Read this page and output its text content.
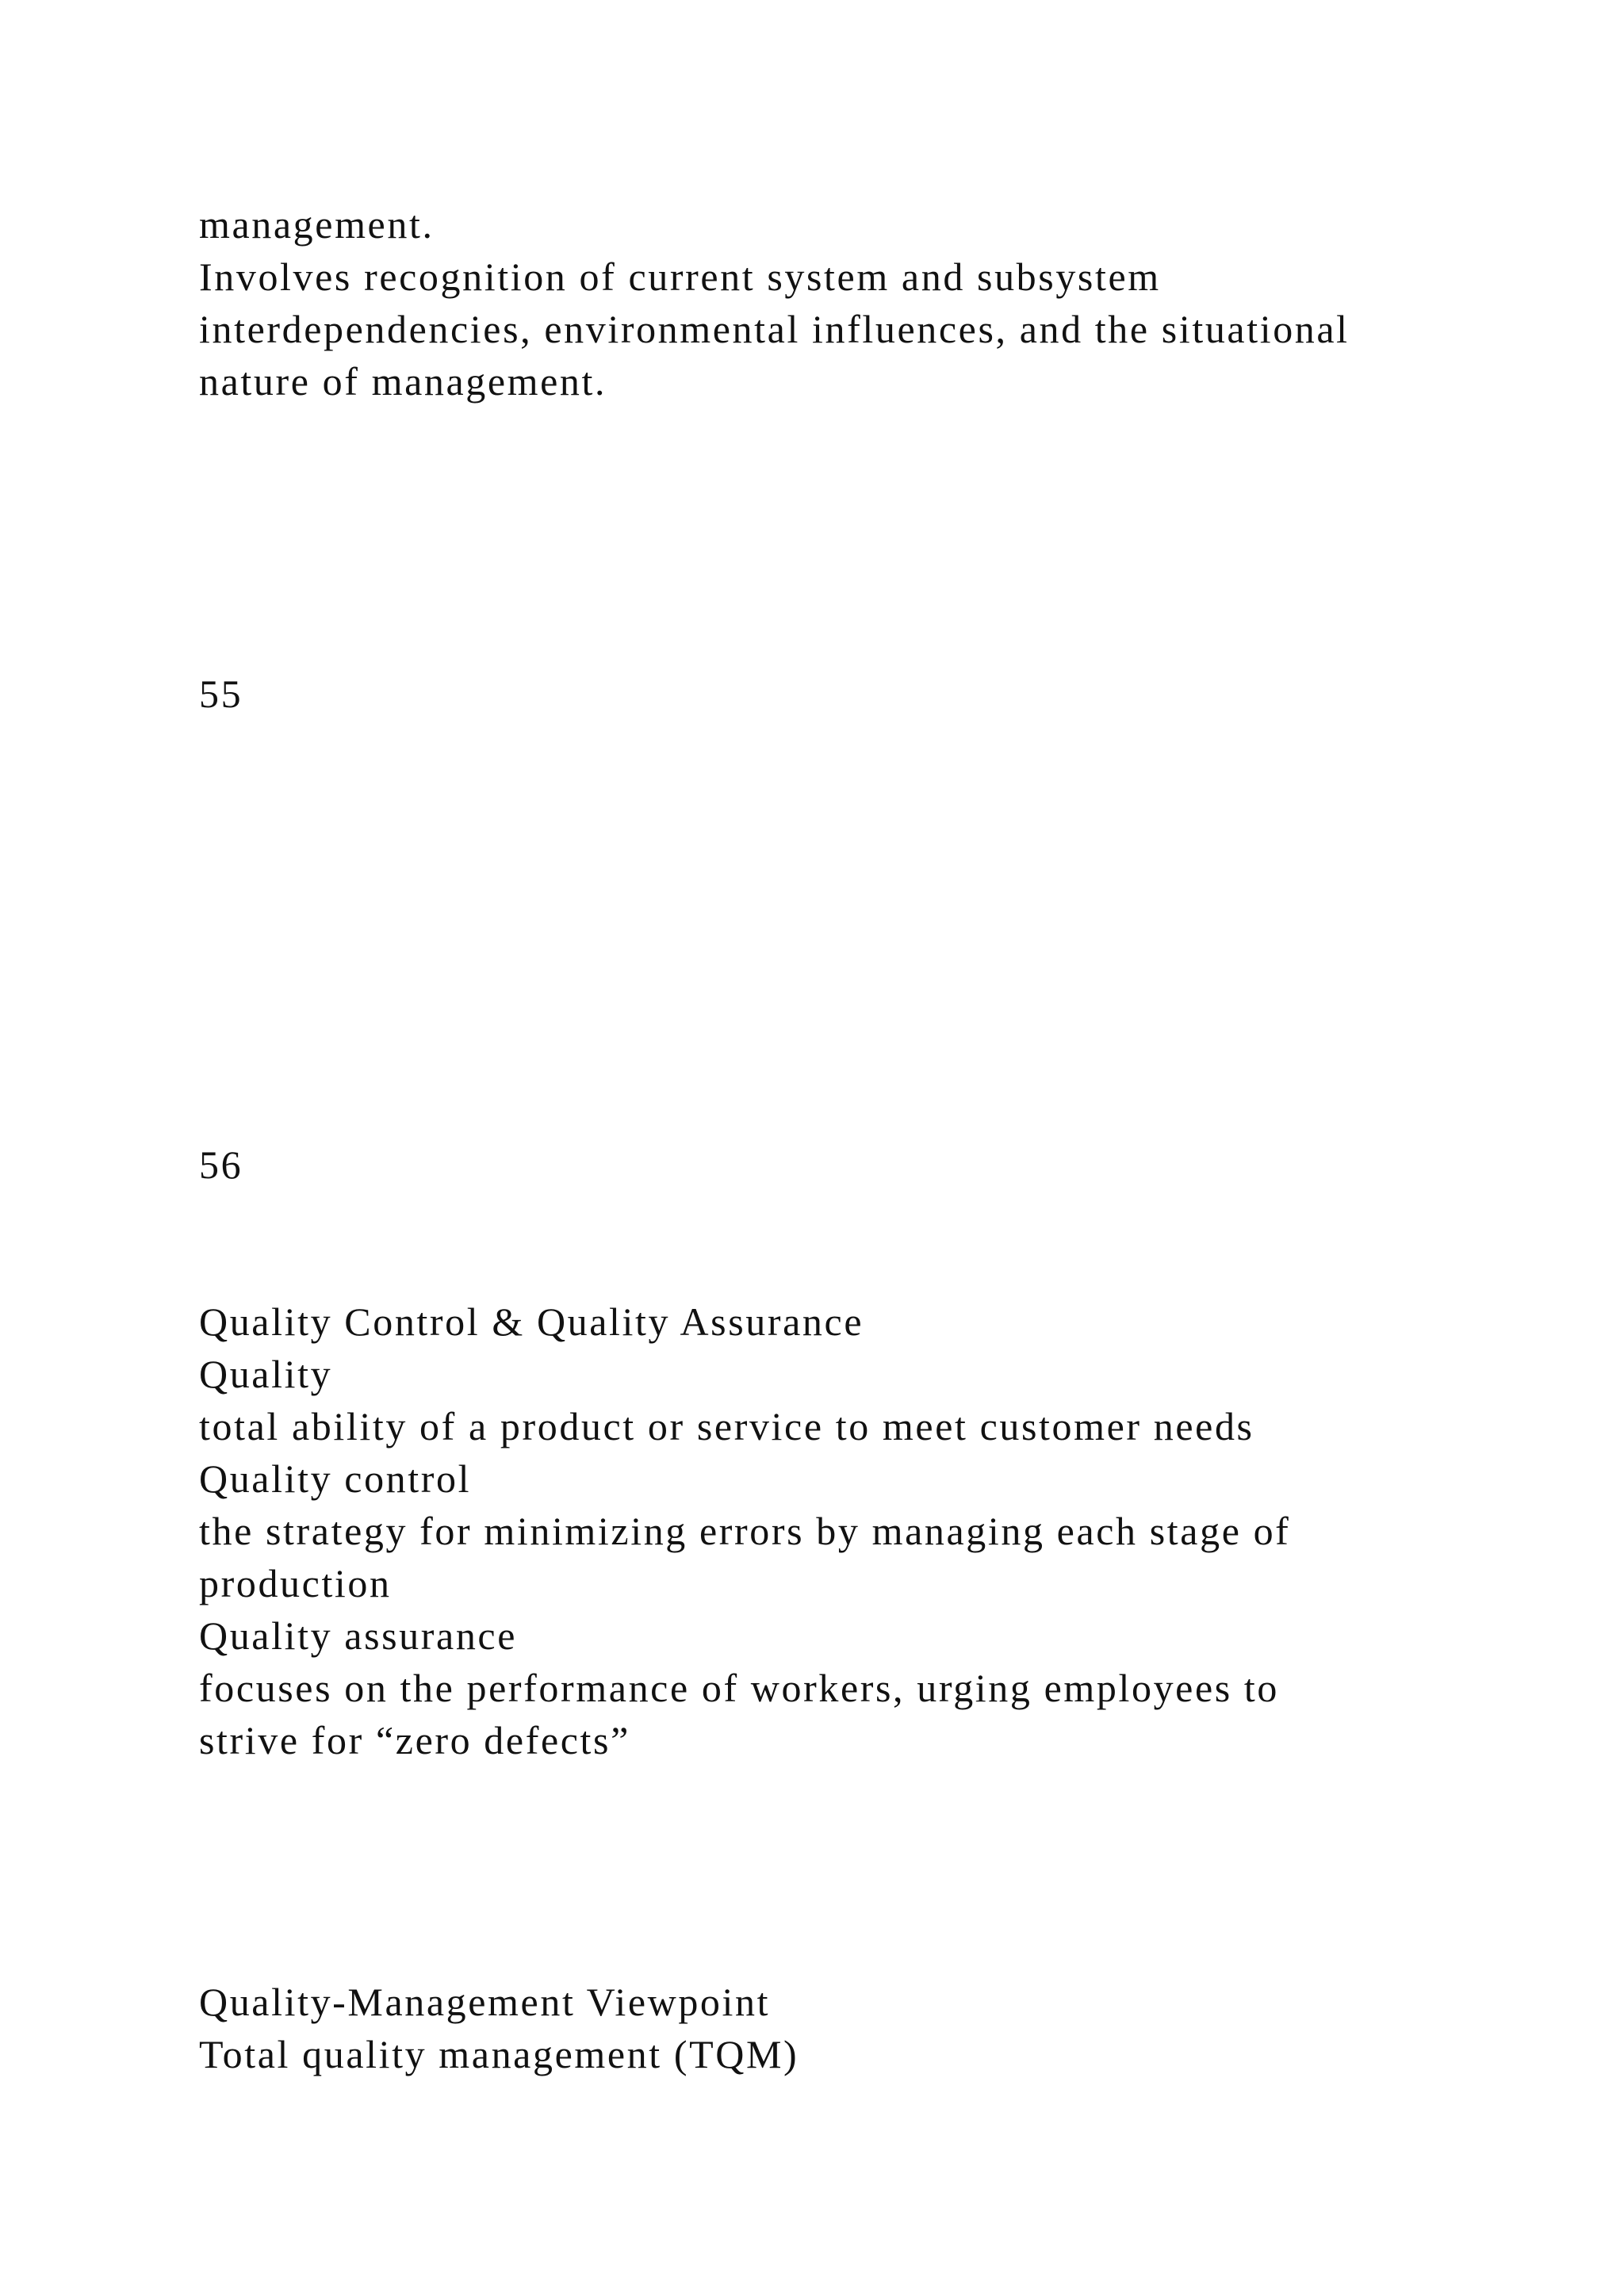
management.

Involves recognition of current system and subsystem

interdependencies, environmental influences, and the situational

nature of management.

55

56

Quality Control & Quality Assurance

Quality

total ability of a product or service to meet customer needs

Quality control

the strategy for minimizing errors by managing each stage of

production

Quality assurance

focuses on the performance of workers, urging employees to

strive for “zero defects”

Quality-Management Viewpoint

Total quality management (TQM)
